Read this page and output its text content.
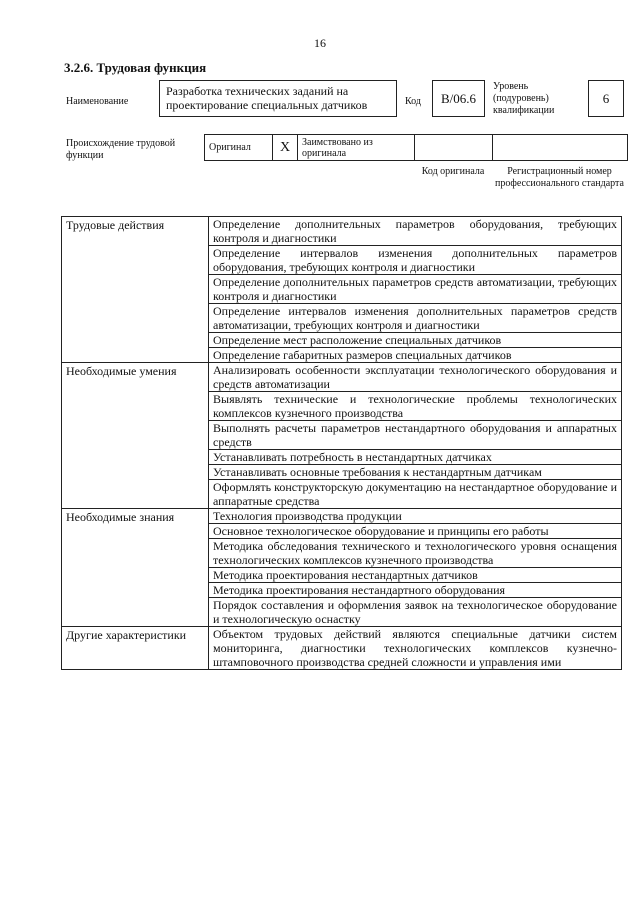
16
3.2.6. Трудовая функция
Наименование
Разработка технических заданий на проектирование специальных датчиков	Код	B/06.6
Уровень (подуровень) квалификации
6
Происхождение трудовой функции
Оригинал	X	Заимствовано из оригинала		
Код оригинала	Регистрационный номер профессионального стандарта
Трудовые действия	Определение дополнительных параметров оборудования, требующих контроля и диагностики
	Определение интервалов изменения дополнительных параметров оборудования, требующих контроля и диагностики
	Определение дополнительных параметров средств автоматизации, требующих контроля и диагностики
	Определение интервалов изменения дополнительных параметров средств автоматизации, требующих контроля и диагностики
	Определение мест расположение специальных датчиков
	Определение габаритных размеров специальных датчиков
Необходимые умения	Анализировать особенности эксплуатации технологического оборудования и средств автоматизации
	Выявлять технические и технологические проблемы технологических комплексов кузнечного производства
	Выполнять расчеты параметров нестандартного оборудования и аппаратных средств
	Устанавливать потребность в нестандартных датчиках
	Устанавливать основные требования к нестандартным датчикам
	Оформлять конструкторскую документацию на нестандартное оборудование и аппаратные средства
Необходимые знания	Технология производства продукции
	Основное технологическое оборудование и принципы его работы
	Методика обследования технического и технологического уровня оснащения технологических комплексов кузнечного производства
	Методика проектирования нестандартных датчиков
	Методика проектирования нестандартного оборудования
	Порядок составления и оформления заявок на технологическое оборудование и технологическую оснастку
Другие характеристики	Объектом трудовых действий являются специальные датчики систем мониторинга, диагностики технологических комплексов кузнечно-штамповочного производства средней сложности и управления ими
